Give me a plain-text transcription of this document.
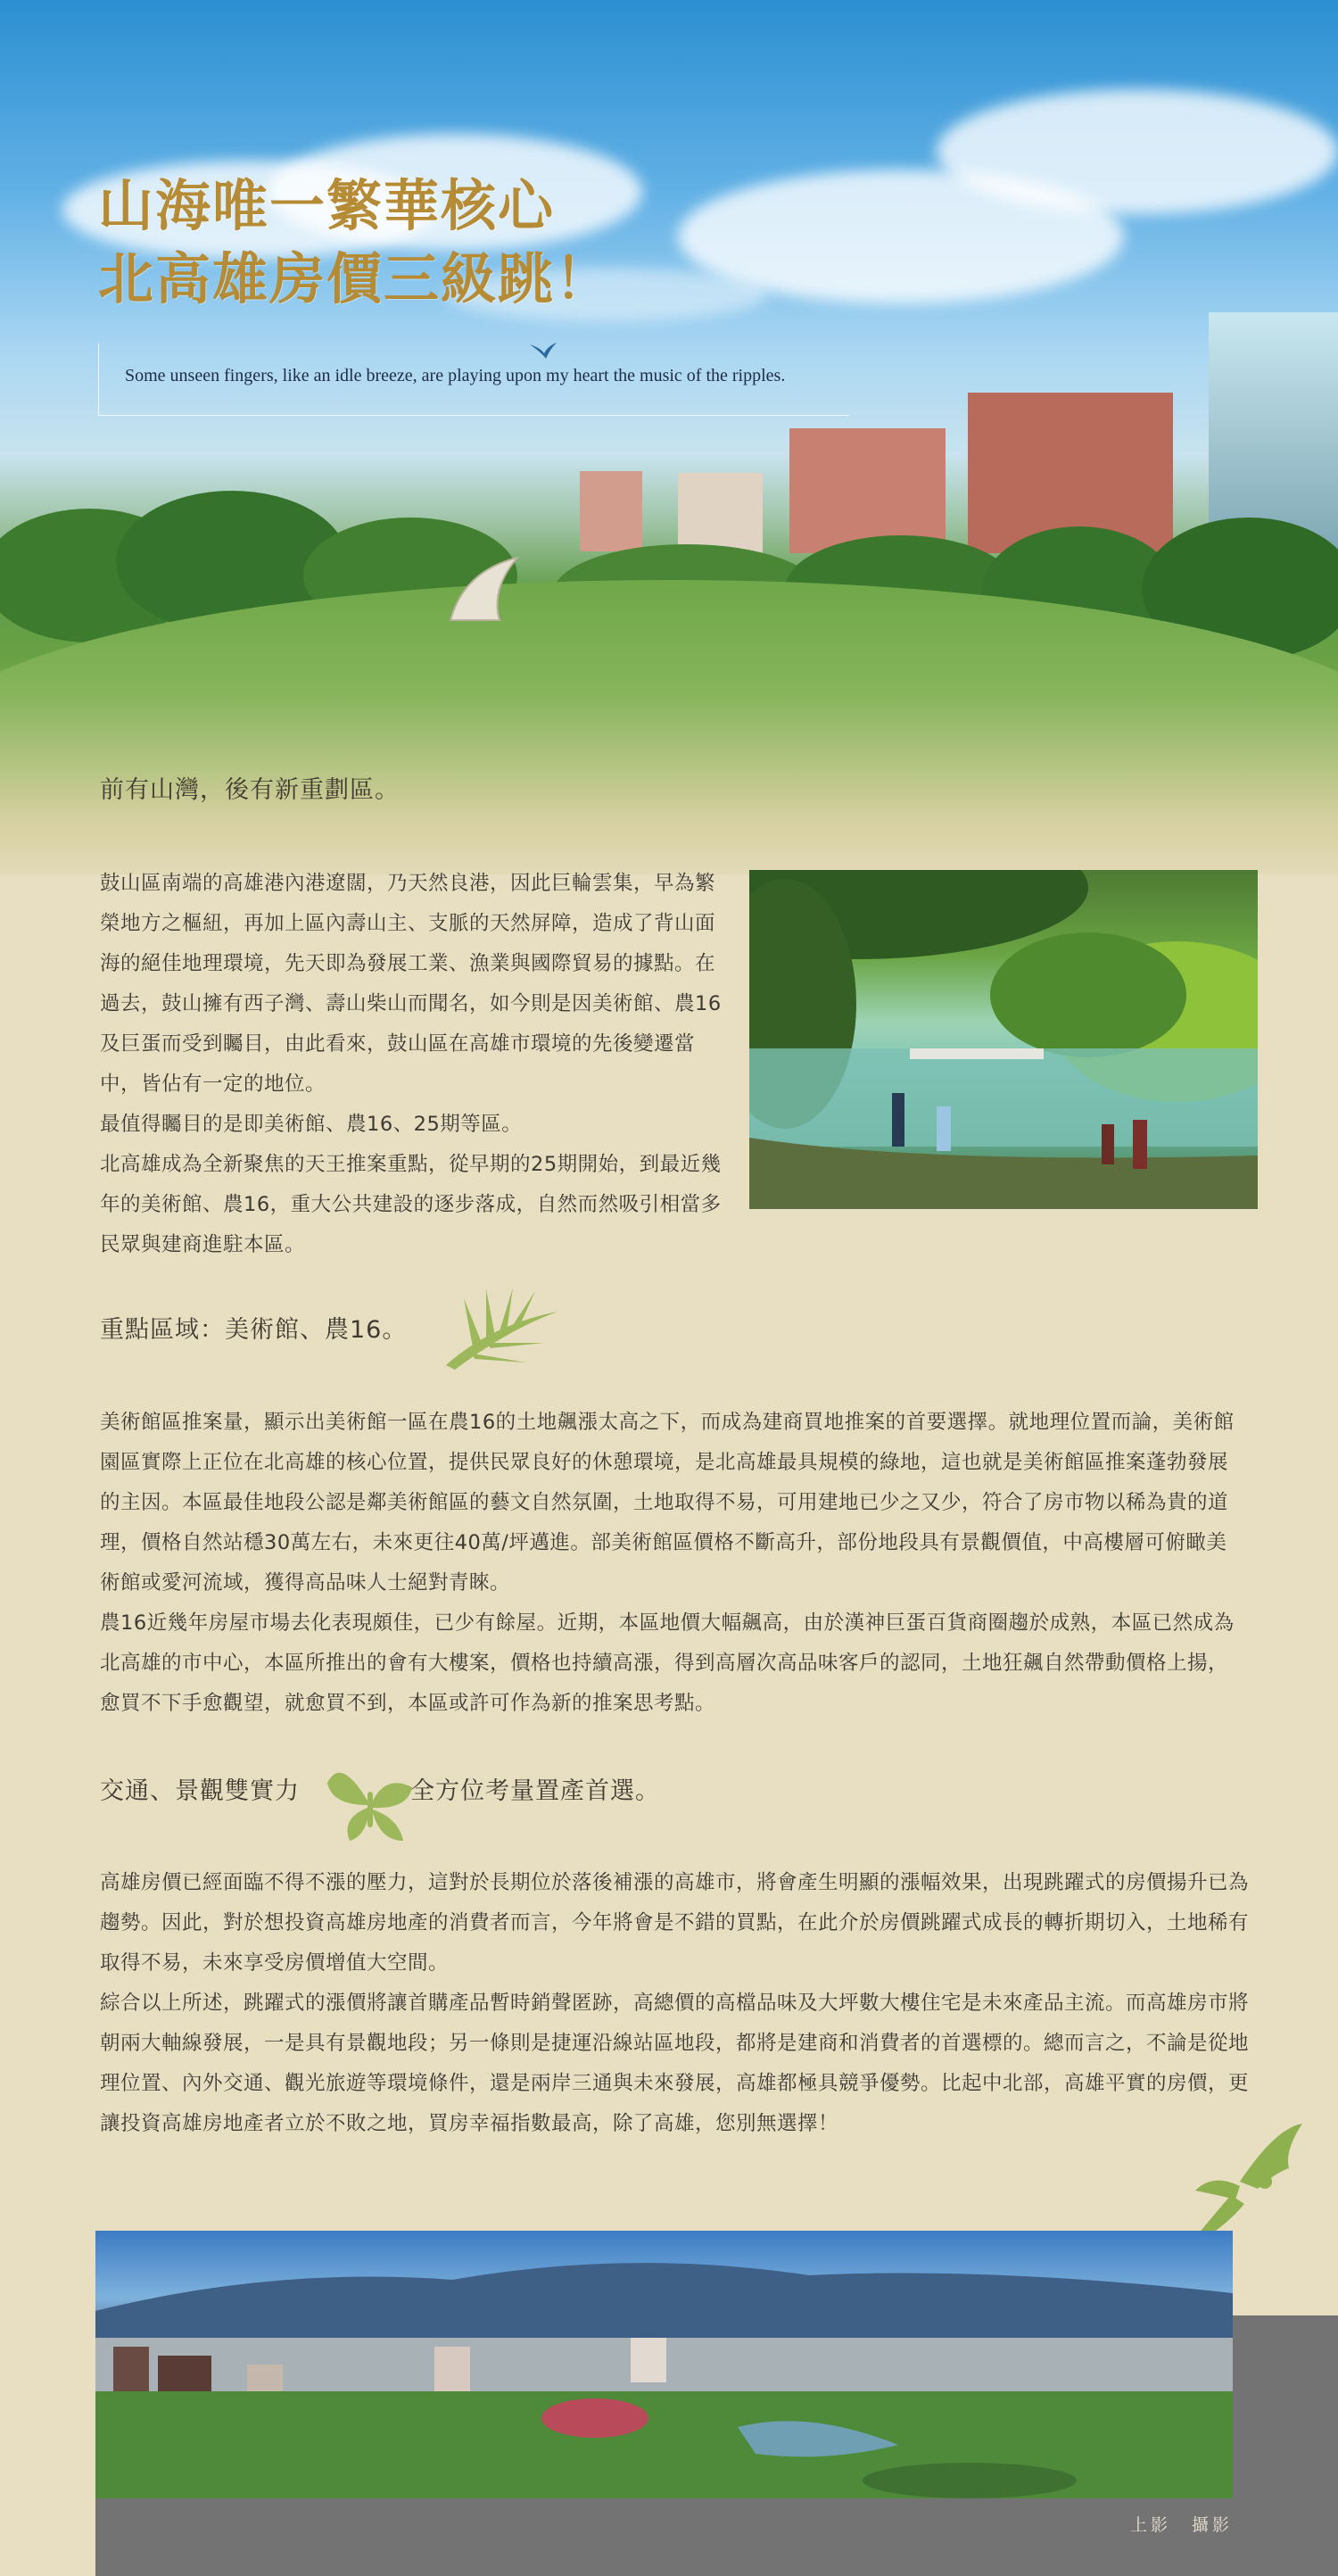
山海唯一繁華核心
北高雄房價三級跳！
Some unseen fingers, like an idle breeze, are playing upon my heart the music of the ripples.
前有山灣，後有新重劃區。
鼓山區南端的高雄港內港遼闊，乃天然良港，因此巨輪雲集，早為繁榮地方之樞紐，再加上區內壽山主、支脈的天然屏障，造成了背山面海的絕佳地理環境，先天即為發展工業、漁業與國際貿易的據點。在過去，鼓山擁有西子灣、壽山柴山而聞名，如今則是因美術館、農16及巨蛋而受到矚目，由此看來，鼓山區在高雄市環境的先後變遷當中，皆佔有一定的地位。
最值得矚目的是即美術館、農16、25期等區。
北高雄成為全新聚焦的天王推案重點，從早期的25期開始，到最近幾年的美術館、農16，重大公共建設的逐步落成，自然而然吸引相當多民眾與建商進駐本區。
重點區域：美術館、農16。
美術館區推案量，顯示出美術館一區在農16的土地飆漲太高之下，而成為建商買地推案的首要選擇。就地理位置而論，美術館園區實際上正位在北高雄的核心位置，提供民眾良好的休憩環境，是北高雄最具規模的綠地，這也就是美術館區推案蓬勃發展的主因。本區最佳地段公認是鄰美術館區的藝文自然氛圍，土地取得不易，可用建地已少之又少，符合了房市物以稀為貴的道理，價格自然站穩30萬左右，未來更往40萬/坪邁進。部美術館區價格不斷高升，部份地段具有景觀價值，中高樓層可俯瞰美術館或愛河流域，獲得高品味人士絕對青睞。
農16近幾年房屋市場去化表現頗佳，已少有餘屋。近期，本區地價大幅飆高，由於漢神巨蛋百貨商圈趨於成熟，本區已然成為北高雄的市中心，本區所推出的會有大樓案，價格也持續高漲，得到高層次高品味客戶的認同，土地狂飆自然帶動價格上揚，愈買不下手愈觀望，就愈買不到，本區或許可作為新的推案思考點。
交通、景觀雙實力	全方位考量置產首選。
高雄房價已經面臨不得不漲的壓力，這對於長期位於落後補漲的高雄市，將會產生明顯的漲幅效果，出現跳躍式的房價揚升已為趨勢。因此，對於想投資高雄房地產的消費者而言，今年將會是不錯的買點，在此介於房價跳躍式成長的轉折期切入，土地稀有取得不易，未來享受房價增值大空間。
綜合以上所述，跳躍式的漲價將讓首購產品暫時銷聲匿跡，高總價的高檔品味及大坪數大樓住宅是未來產品主流。而高雄房市將朝兩大軸線發展，一是具有景觀地段；另一條則是捷運沿線站區地段，都將是建商和消費者的首選標的。總而言之，不論是從地理位置、內外交通、觀光旅遊等環境條件，還是兩岸三通與未來發展，高雄都極具競爭優勢。比起中北部，高雄平實的房價，更讓投資高雄房地產者立於不敗之地，買房幸福指數最高，除了高雄，您別無選擇！
上影　攝影
